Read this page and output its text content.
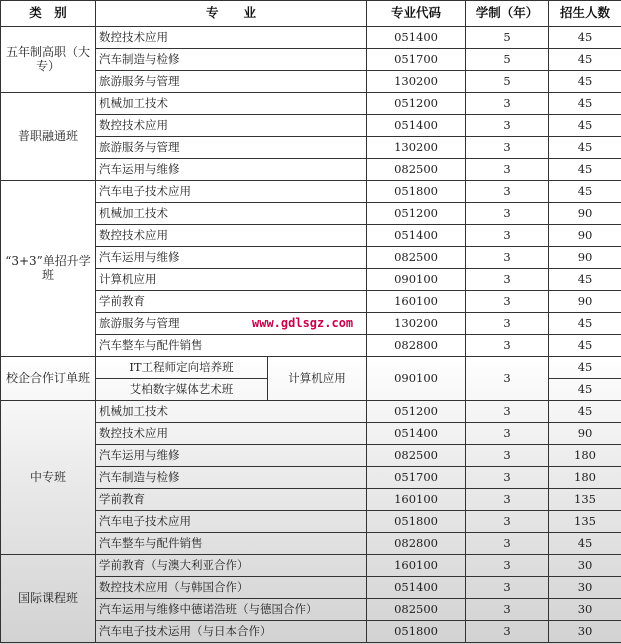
类　别	专　　业		专业代码	学制（年）	招生人数
五年制高职（大专）	数控技术应用		051400	5	45
	汽车制造与检修		051700	5	45
	旅游服务与管理		130200	5	45
普职融通班	机械加工技术		051200	3	45
	数控技术应用		051400	3	45
	旅游服务与管理		130200	3	45
	汽车运用与维修		082500	3	45
“3+3”单招升学班	汽车电子技术应用		051800	3	45
	机械加工技术		051200	3	90
	数控技术应用		051400	3	90
	汽车运用与维修		082500	3	90
	计算机应用		090100	3	45
	学前教育		160100	3	90
	旅游服务与管理		130200	3	45
	汽车整车与配件销售		082800	3	45
校企合作订单班	IT工程师定向培养班	计算机应用	090100	3	45
	艾柏数字媒体艺术班				45
中专班	机械加工技术		051200	3	45
	数控技术应用		051400	3	90
	汽车运用与维修		082500	3	180
	汽车制造与检修		051700	3	180
	学前教育		160100	3	135
	汽车电子技术应用		051800	3	135
	汽车整车与配件销售		082800	3	45
国际课程班	学前教育（与澳大利亚合作）		160100	3	30
	数控技术应用（与韩国合作）		051400	3	30
	汽车运用与维修中德诺浩班（与德国合作）		082500	3	30
	汽车电子技术运用（与日本合作）		051800	3	30
www.gdlsgz.com
